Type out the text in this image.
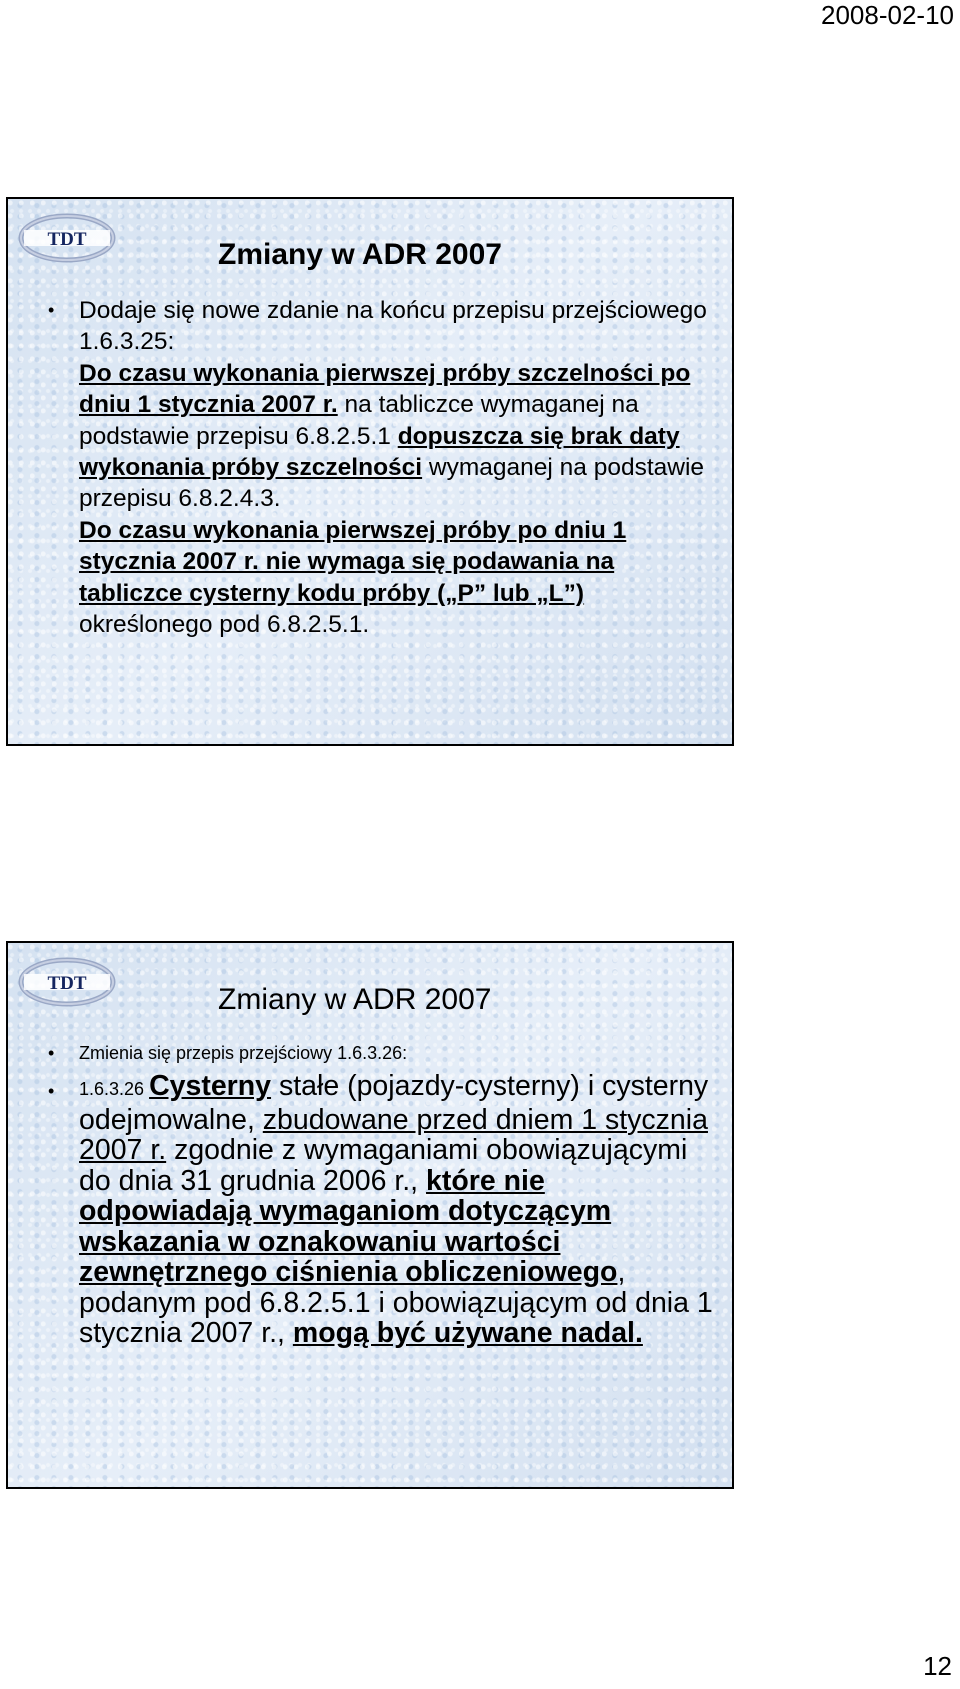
2008-02-10
TDT	Zmiany w ADR 2007
• Dodaje się nowe zdanie na końcu przepisu przejściowego 1.6.3.25:
Do czasu wykonania pierwszej próby szczelności po dniu 1 stycznia 2007 r. na tabliczce wymaganej na podstawie przepisu 6.8.2.5.1 dopuszcza się brak daty wykonania próby szczelności wymaganej na podstawie przepisu 6.8.2.4.3.
Do czasu wykonania pierwszej próby po dniu 1 stycznia 2007 r. nie wymaga się podawania na tabliczce cysterny kodu próby („P” lub „L”) określonego pod 6.8.2.5.1.
TDT	Zmiany w ADR 2007
• Zmienia się przepis przejściowy 1.6.3.26:
• 1.6.3.26 Cysterny stałe (pojazdy-cysterny) i cysterny odejmowalne, zbudowane przed dniem 1 stycznia 2007 r. zgodnie z wymaganiami obowiązującymi do dnia 31 grudnia 2006 r., które nie odpowiadają wymaganiom dotyczącym wskazania w oznakowaniu wartości zewnętrznego ciśnienia obliczeniowego, podanym pod 6.8.2.5.1 i obowiązującym od dnia 1 stycznia 2007 r., mogą być używane nadal.
12
